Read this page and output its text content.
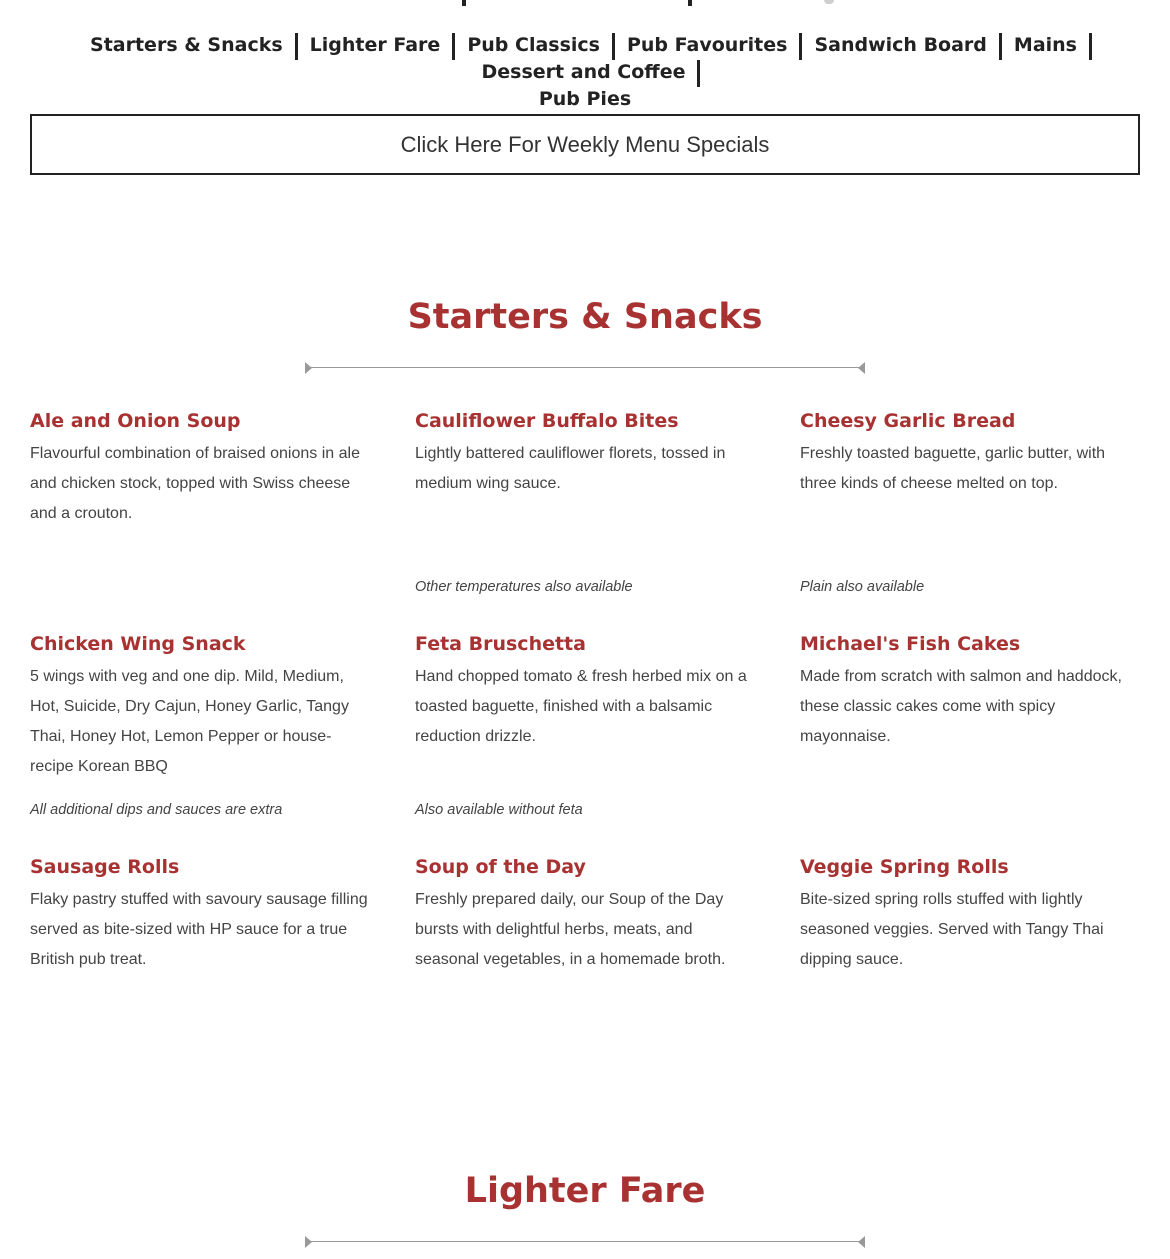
Starters & Snacks Lighter Fare Pub Classics Pub Favourites Sandwich Board MainsDessert and Coffee
Pub Pies
Click Here For Weekly Menu Specials
Starters & Snacks
Ale and Onion Soup

Flavourful combination of braised onions in ale and chicken stock, topped with Swiss cheese and a crouton.

Cauliflower Buffalo Bites

Lightly battered cauliflower florets, tossed in medium wing sauce.

Other temperatures also available
Cheesy Garlic Bread

Freshly toasted baguette, garlic butter, with three kinds of cheese melted on top.

Plain also available
Chicken Wing Snack

5 wings with veg and one dip. Mild, Medium, Hot, Suicide, Dry Cajun, Honey Garlic, Tangy Thai, Honey Hot, Lemon Pepper or house-recipe Korean BBQ

All additional dips and sauces are extra
Feta Bruschetta

Hand chopped tomato & fresh herbed mix on a toasted baguette, finished with a balsamic reduction drizzle.

Also available without feta
Michael's Fish Cakes

Made from scratch with salmon and haddock, these classic cakes come with spicy mayonnaise.

Sausage Rolls

Flaky pastry stuffed with savoury sausage filling served as bite-sized with HP sauce for a true British pub treat.

Soup of the Day

Freshly prepared daily, our Soup of the Day bursts with delightful herbs, meats, and seasonal vegetables, in a homemade broth.

Veggie Spring Rolls

Bite-sized spring rolls stuffed with lightly seasoned veggies. Served with Tangy Thai dipping sauce.

Lighter Fare
